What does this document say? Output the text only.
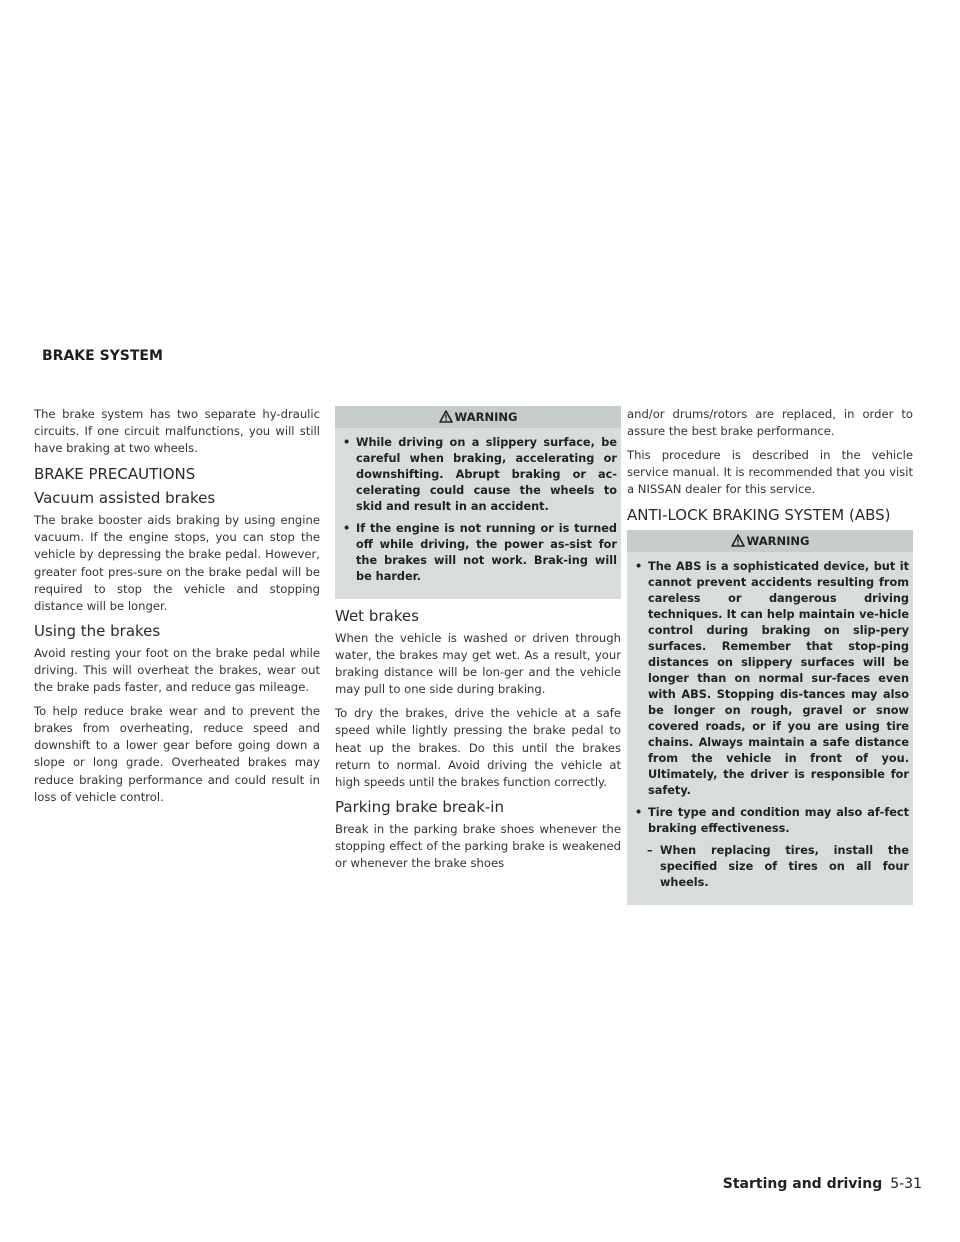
BRAKE SYSTEM

The brake system has two separate hy-draulic circuits. If one circuit malfunctions, you will still have braking at two wheels.

BRAKE PRECAUTIONS
Vacuum assisted brakes

The brake booster aids braking by using engine vacuum. If the engine stops, you can stop the vehicle by depressing the brake pedal. However, greater foot pres-sure on the brake pedal will be required to stop the vehicle and stopping distance will be longer.

Using the brakes

Avoid resting your foot on the brake pedal while driving. This will overheat the brakes, wear out the brake pads faster, and reduce gas mileage.

To help reduce brake wear and to prevent the brakes from overheating, reduce speed and downshift to a lower gear before going down a slope or long grade. Overheated brakes may reduce braking performance and could result in loss of vehicle control.

WARNING
• While driving on a slippery surface, be careful when braking, accelerating or downshifting. Abrupt braking or ac-celerating could cause the wheels to skid and result in an accident.
• If the engine is not running or is turned off while driving, the power as-sist for the brakes will not work. Brak-ing will be harder.
Wet brakes

When the vehicle is washed or driven through water, the brakes may get wet. As a result, your braking distance will be lon-ger and the vehicle may pull to one side during braking.

To dry the brakes, drive the vehicle at a safe speed while lightly pressing the brake pedal to heat up the brakes. Do this until the brakes return to normal. Avoid driving the vehicle at high speeds until the brakes function correctly.

Parking brake break-in

Break in the parking brake shoes whenever the stopping effect of the parking brake is weakened or whenever the brake shoes

and/or drums/rotors are replaced, in order to assure the best brake performance.

This procedure is described in the vehicle service manual. It is recommended that you visit a NISSAN dealer for this service.

ANTI-LOCK BRAKING SYSTEM (ABS)
WARNING
• The ABS is a sophisticated device, but it cannot prevent accidents resulting from careless or dangerous driving techniques. It can help maintain ve-hicle control during braking on slip-pery surfaces. Remember that stop-ping distances on slippery surfaces will be longer than on normal sur-faces even with ABS. Stopping dis-tances may also be longer on rough, gravel or snow covered roads, or if you are using tire chains. Always maintain a safe distance from the vehicle in front of you. Ultimately, the driver is responsible for safety.
• Tire type and condition may also af-fect braking effectiveness.
– When replacing tires, install the specified size of tires on all four wheels.
Starting and driving 5-31
